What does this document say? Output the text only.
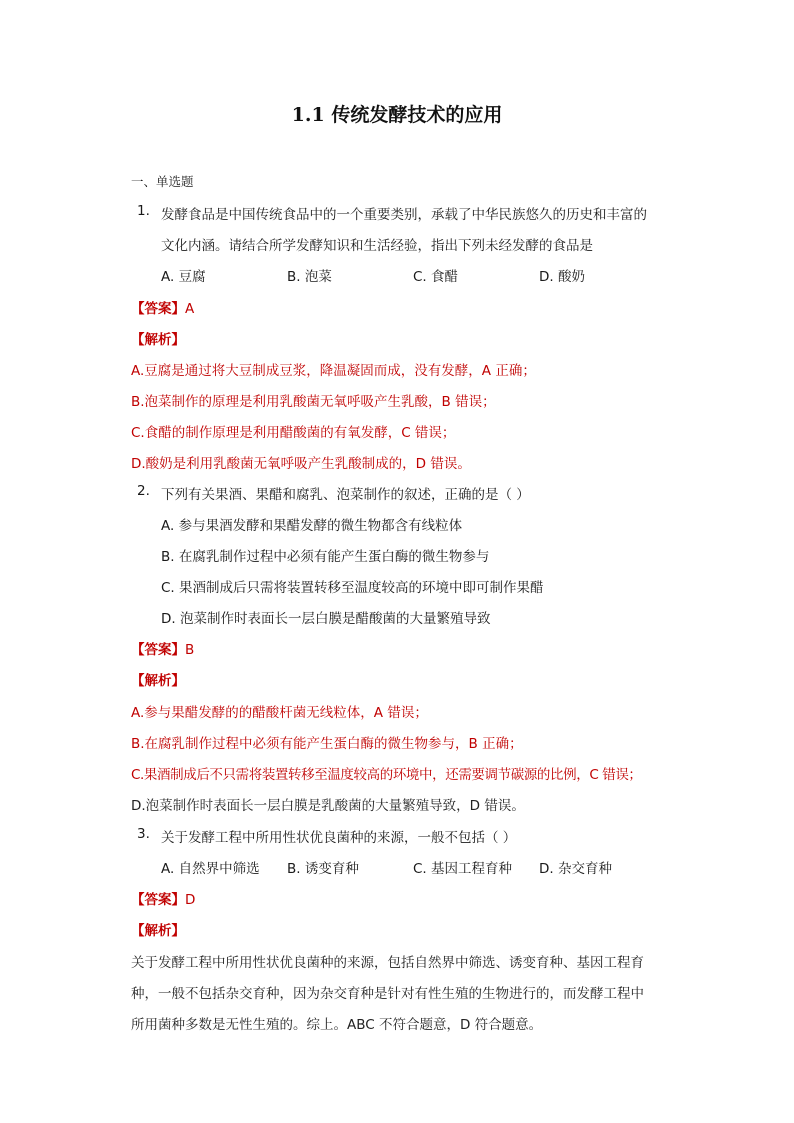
1.1 传统发酵技术的应用
一、单选题
1. 发酵食品是中国传统食品中的一个重要类别，承载了中华民族悠久的历史和丰富的
文化内涵。请结合所学发酵知识和生活经验，指出下列未经发酵的食品是
A. 豆腐	B. 泡菜	C. 食醋	D. 酸奶
【答案】A
【解析】
A.豆腐是通过将大豆制成豆浆，降温凝固而成，没有发酵，A 正确；
B.泡菜制作的原理是利用乳酸菌无氧呼吸产生乳酸，B 错误；
C.食醋的制作原理是利用醋酸菌的有氧发酵，C 错误；
D.酸奶是利用乳酸菌无氧呼吸产生乳酸制成的，D 错误。
2. 下列有关果酒、果醋和腐乳、泡菜制作的叙述，正确的是（ ）
A. 参与果酒发酵和果醋发酵的微生物都含有线粒体
B. 在腐乳制作过程中必须有能产生蛋白酶的微生物参与
C. 果酒制成后只需将装置转移至温度较高的环境中即可制作果醋
D. 泡菜制作时表面长一层白膜是醋酸菌的大量繁殖导致
【答案】B
【解析】
A.参与果醋发酵的的醋酸杆菌无线粒体，A 错误；
B.在腐乳制作过程中必须有能产生蛋白酶的微生物参与，B 正确；
C.果酒制成后不只需将装置转移至温度较高的环境中，还需要调节碳源的比例，C 错误；
D.泡菜制作时表面长一层白膜是乳酸菌的大量繁殖导致，D 错误。
3. 关于发酵工程中所用性状优良菌种的来源，一般不包括（ ）
A. 自然界中筛选 B. 诱变育种	C. 基因工程育种 D. 杂交育种
【答案】D
【解析】
关于发酵工程中所用性状优良菌种的来源，包括自然界中筛选、诱变育种、基因工程育
种，一般不包括杂交育种，因为杂交育种是针对有性生殖的生物进行的，而发酵工程中
所用菌种多数是无性生殖的。综上。ABC 不符合题意，D 符合题意。
